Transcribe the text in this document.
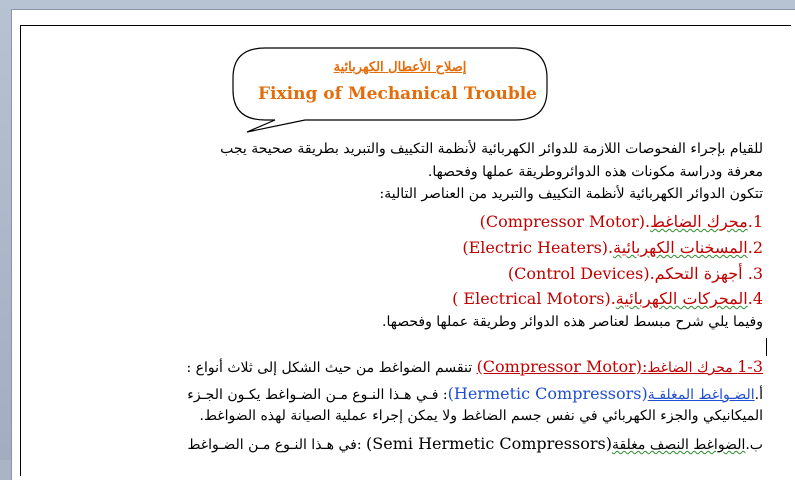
إصلاح الأعطال الكهربائية
Fixing of Mechanical Trouble
للقيام بإجراء الفحوصات اللازمة للدوائر الكهربائية لأنظمة التكييف والتبريد بطريقة صحيحة يجب
معرفة ودراسة مكونات هذه الدوائروطريقة عملها وفحصها.
تتكون الدوائر الكهربائية لأنظمة التكييف والتبريد من العناصر التالية:
1.محرك الضاغط(Compressor Motor).
2.المسخنات الكهربائية(Electric Heaters).
3. أجهزة التحكم(Control Devices).
4.المحركات الكهربائية( Electrical Motors).
وفيما يلي شرح مبسط لعناصر هذه الدوائر وطريقة عملها وفحصها.
1-3 محرك الضاغط(Compressor Motor): تنقسم الضواغط من حيث الشكل إلى ثلاث أنواع :
أ.الضـواغط المغلقـة(Hermetic Compressors): فـي هـذا النـوع مـن الضـواغط يكـون الجـزء
الميكانيكي والجزء الكهربائي في نفس جسم الضاغط ولا يمكن إجراء عملية الصيانة لهذه الضواغط.
ب.الضواغط النصف مغلقة(Semi Hermetic Compressors) :في هـذا النـوع مـن الضـواغط
